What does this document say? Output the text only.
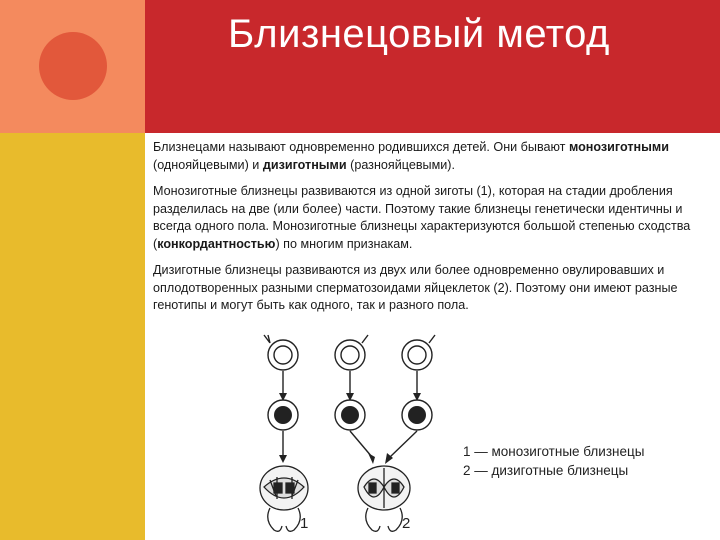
Близнецовый метод

Близнецами называют одновременно родившихся детей. Они бывают монозиготными (однояйцевыми) и дизиготными (разнояйцевыми).

Монозиготные близнецы развиваются из одной зиготы (1), которая на стадии дробления разделилась на две (или более) части. Поэтому такие близнецы генетически идентичны и всегда одного пола. Монозиготные близнецы характеризуются большой степенью сходства (конкордантностью) по многим признакам.

Дизиготные близнецы развиваются из двух или более одновременно овулировавших и оплодотворенных разными сперматозоидами яйцеклеток (2). Поэтому они имеют разные генотипы и могут быть как одного, так и разного пола.

1	2
1 — монозиготные близнецы
2 — дизиготные близнецы
